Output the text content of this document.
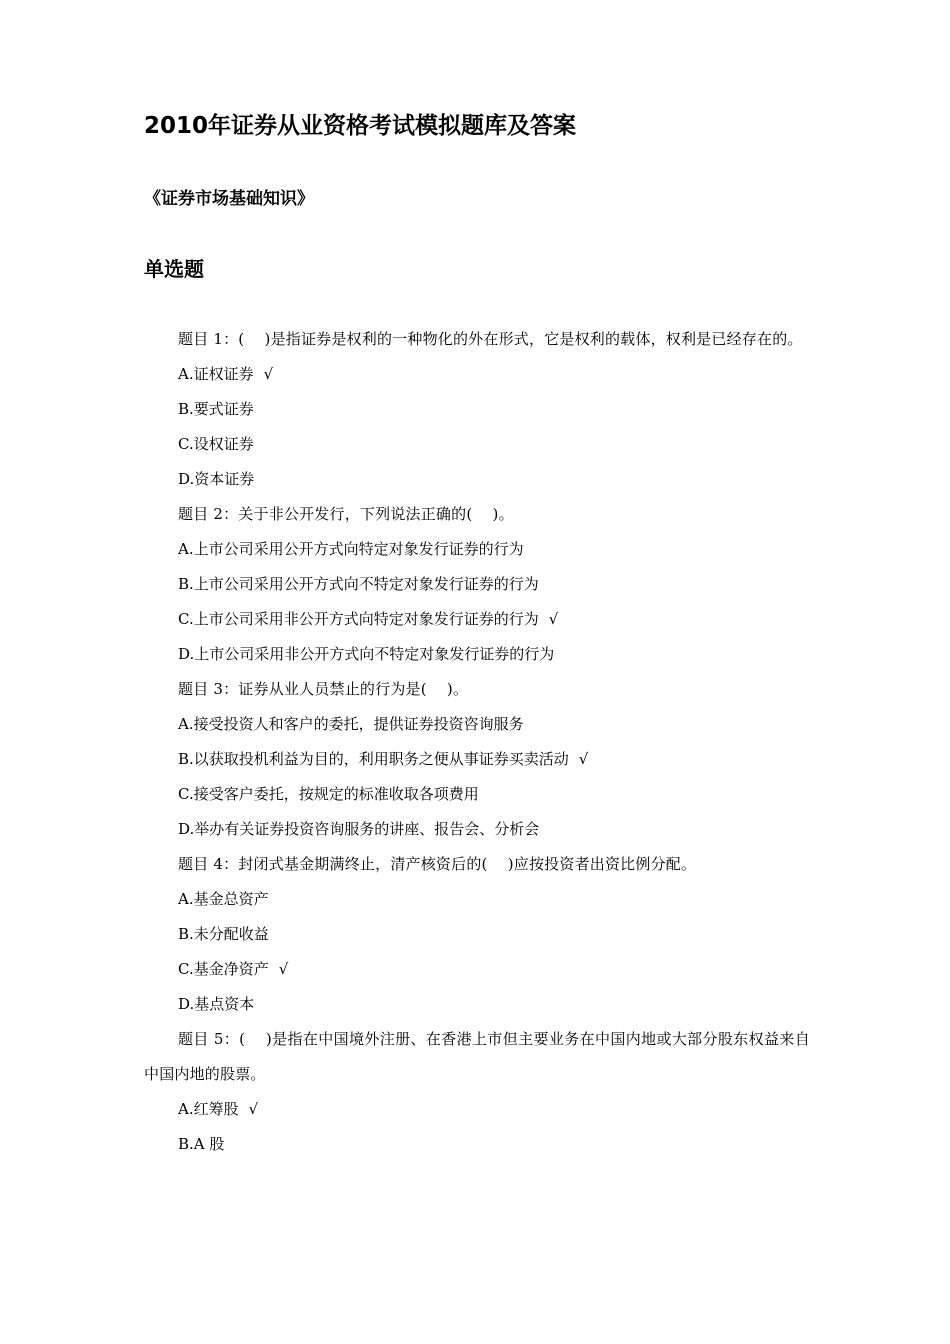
2010年证券从业资格考试模拟题库及答案
《证券市场基础知识》
单选题
题目 1：(　 )是指证券是权利的一种物化的外在形式，它是权利的载体，权利是已经存在的。
A.证权证券 √
B.要式证券
C.设权证券
D.资本证券
题目 2：关于非公开发行，下列说法正确的(　 )。
A.上市公司采用公开方式向特定对象发行证券的行为
B.上市公司采用公开方式向不特定对象发行证券的行为
C.上市公司采用非公开方式向特定对象发行证券的行为 √
D.上市公司采用非公开方式向不特定对象发行证券的行为
题目 3：证券从业人员禁止的行为是(　 )。
A.接受投资人和客户的委托，提供证券投资咨询服务
B.以获取投机利益为目的，利用职务之便从事证券买卖活动 √
C.接受客户委托，按规定的标准收取各项费用
D.举办有关证券投资咨询服务的讲座、报告会、分析会
题目 4：封闭式基金期满终止，清产核资后的(　 )应按投资者出资比例分配。
A.基金总资产
B.未分配收益
C.基金净资产 √
D.基点资本
题目 5：(　 )是指在中国境外注册、在香港上市但主要业务在中国内地或大部分股东权益来自中国内地的股票。
A.红筹股 √
B.A 股
